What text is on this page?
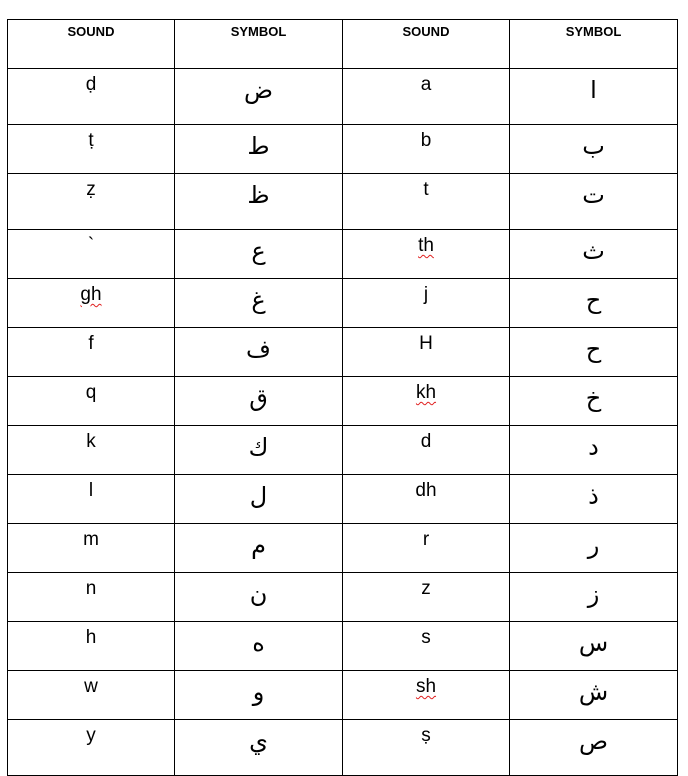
SOUND	SYMBOL	SOUND	SYMBOL
ḍ	ض	a	ا
ṭ	ط	b	ب
ẓ	ظ	t	ت
`	ع	th	ث
gh	غ	j	ح
f	ف	H	ح
q	ق	kh	خ
k	ك	d	د
l	ل	dh	ذ
m	م	r	ر
n	ن	z	ز
h	ه	s	س
w	و	sh	ش
y	ي	ṣ	ص
